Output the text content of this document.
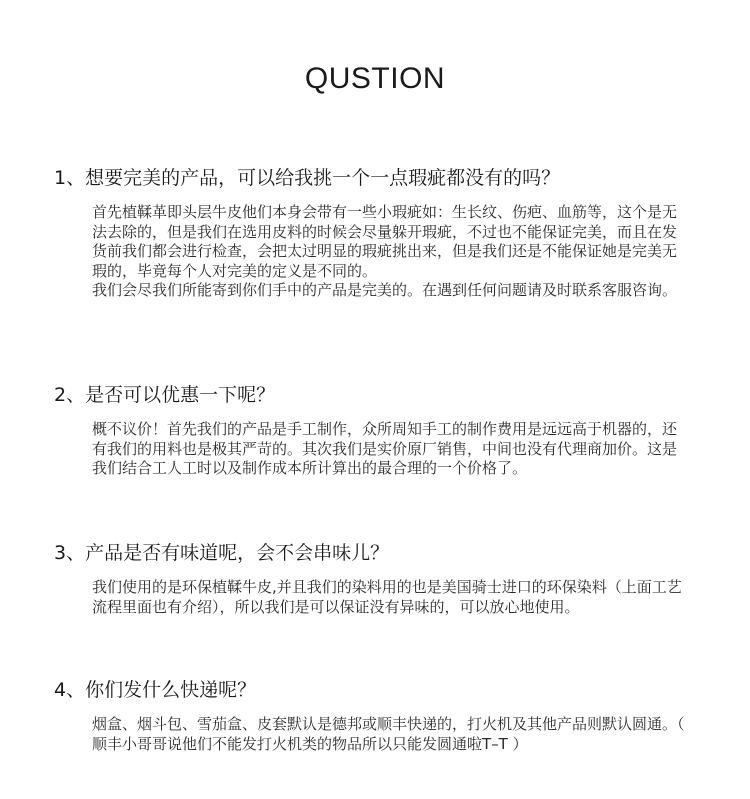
QUSTION
1、想要完美的产品，可以给我挑一个一点瑕疵都没有的吗？

首先植鞣革即头层牛皮他们本身会带有一些小瑕疵如：生长纹、伤疤、血筋等，这个是无法去除的，但是我们在选用皮料的时候会尽量躲开瑕疵，不过也不能保证完美，而且在发货前我们都会进行检查，会把太过明显的瑕疵挑出来，但是我们还是不能保证她是完美无瑕的，毕竟每个人对完美的定义是不同的。

我们会尽我们所能寄到你们手中的产品是完美的。在遇到任何问题请及时联系客服咨询。

2、是否可以优惠一下呢？

概不议价！首先我们的产品是手工制作，众所周知手工的制作费用是远远高于机器的，还有我们的用料也是极其严苛的。其次我们是实价原厂销售，中间也没有代理商加价。这是我们结合工人工时以及制作成本所计算出的最合理的一个价格了。

3、产品是否有味道呢，会不会串味儿？

我们使用的是环保植鞣牛皮,并且我们的染料用的也是美国骑士进口的环保染料（上面工艺流程里面也有介绍），所以我们是可以保证没有异味的，可以放心地使用。

4、你们发什么快递呢？

烟盒、烟斗包、雪茄盒、皮套默认是德邦或顺丰快递的，打火机及其他产品则默认圆通。（ 顺丰小哥哥说他们不能发打火机类的物品所以只能发圆通啦T–T ）
